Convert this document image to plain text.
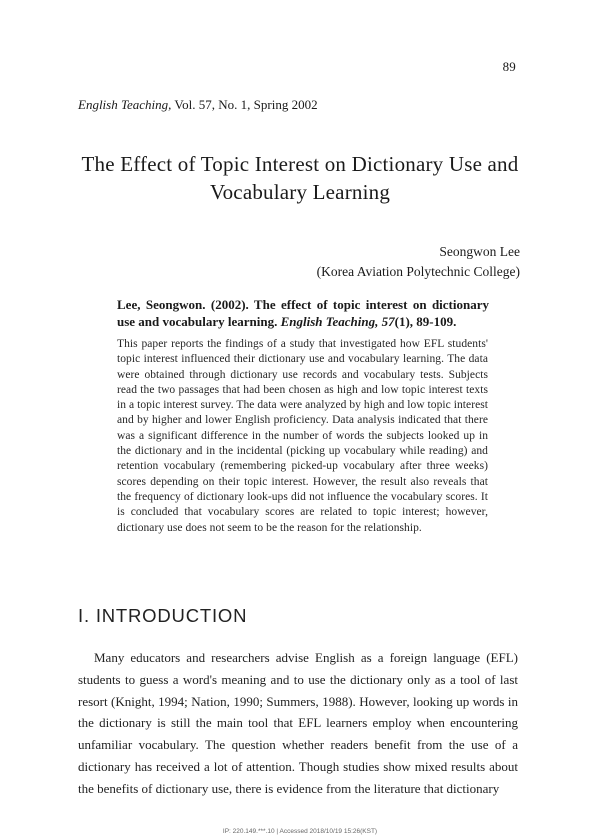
89
English Teaching, Vol. 57, No. 1, Spring 2002
The Effect of Topic Interest on Dictionary Use and Vocabulary Learning
Seongwon Lee
(Korea Aviation Polytechnic College)
Lee, Seongwon. (2002). The effect of topic interest on dictionary use and vocabulary learning. English Teaching, 57(1), 89-109.
This paper reports the findings of a study that investigated how EFL students' topic interest influenced their dictionary use and vocabulary learning. The data were obtained through dictionary use records and vocabulary tests. Subjects read the two passages that had been chosen as high and low topic interest texts in a topic interest survey. The data were analyzed by high and low topic interest and by higher and lower English proficiency. Data analysis indicated that there was a significant difference in the number of words the subjects looked up in the dictionary and in the incidental (picking up vocabulary while reading) and retention vocabulary (remembering picked-up vocabulary after three weeks) scores depending on their topic interest. However, the result also reveals that the frequency of dictionary look-ups did not influence the vocabulary scores. It is concluded that vocabulary scores are related to topic interest; however, dictionary use does not seem to be the reason for the relationship.
I. INTRODUCTION
Many educators and researchers advise English as a foreign language (EFL) students to guess a word's meaning and to use the dictionary only as a tool of last resort (Knight, 1994; Nation, 1990; Summers, 1988). However, looking up words in the dictionary is still the main tool that EFL learners employ when encountering unfamiliar vocabulary. The question whether readers benefit from the use of a dictionary has received a lot of attention. Though studies show mixed results about the benefits of dictionary use, there is evidence from the literature that dictionary
IP: 220.149.***.10 | Accessed 2018/10/19 15:26(KST)
